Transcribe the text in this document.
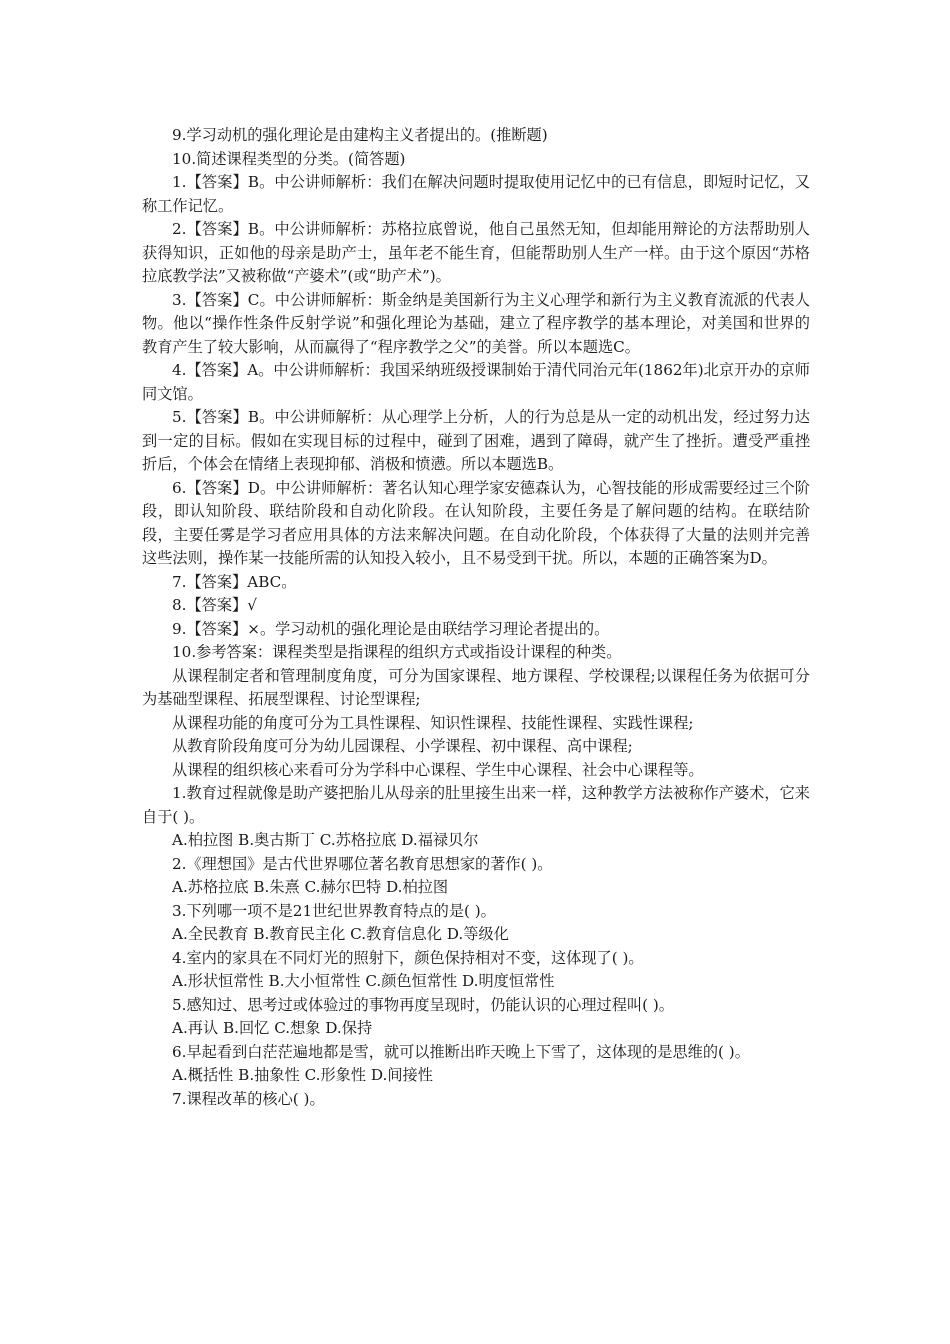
9.学习动机的强化理论是由建构主义者提出的。(推断题)

10.简述课程类型的分类。(简答题)

1.【答案】B。中公讲师解析：我们在解决问题时提取使用记忆中的已有信息，即短时记忆，又称工作记忆。

2.【答案】B。中公讲师解析：苏格拉底曾说，他自己虽然无知，但却能用辩论的方法帮助别人获得知识，正如他的母亲是助产士，虽年老不能生育，但能帮助别人生产一样。由于这个原因“苏格拉底教学法”又被称做“产婆术”(或“助产术”)。

3.【答案】C。中公讲师解析：斯金纳是美国新行为主义心理学和新行为主义教育流派的代表人物。他以“操作性条件反射学说”和强化理论为基础，建立了程序教学的基本理论，对美国和世界的教育产生了较大影响，从而赢得了“程序教学之父”的美誉。所以本题选C。

4.【答案】A。中公讲师解析：我国采纳班级授课制始于清代同治元年(1862年)北京开办的京师同文馆。

5.【答案】B。中公讲师解析：从心理学上分析，人的行为总是从一定的动机出发，经过努力达到一定的目标。假如在实现目标的过程中，碰到了困难，遇到了障碍，就产生了挫折。遭受严重挫折后，个体会在情绪上表现抑郁、消极和愤懑。所以本题选B。

6.【答案】D。中公讲师解析：著名认知心理学家安德森认为，心智技能的形成需要经过三个阶段，即认知阶段、联结阶段和自动化阶段。在认知阶段，主要任务是了解问题的结构。在联结阶段，主要任雾是学习者应用具体的方法来解决问题。在自动化阶段，个体获得了大量的法则并完善这些法则，操作某一技能所需的认知投入较小，且不易受到干扰。所以，本题的正确答案为D。

7.【答案】ABC。

8.【答案】√

9.【答案】×。学习动机的强化理论是由联结学习理论者提出的。

10.参考答案：课程类型是指课程的组织方式或指设计课程的种类。

从课程制定者和管理制度角度，可分为国家课程、地方课程、学校课程;以课程任务为依据可分为基础型课程、拓展型课程、讨论型课程;

从课程功能的角度可分为工具性课程、知识性课程、技能性课程、实践性课程;

从教育阶段角度可分为幼儿园课程、小学课程、初中课程、高中课程;

从课程的组织核心来看可分为学科中心课程、学生中心课程、社会中心课程等。

1.教育过程就像是助产婆把胎儿从母亲的肚里接生出来一样，这种教学方法被称作产婆术，它来自于( )。

A.柏拉图 B.奥古斯丁 C.苏格拉底 D.福禄贝尔

2.《理想国》是古代世界哪位著名教育思想家的著作( )。

A.苏格拉底 B.朱熹 C.赫尔巴特 D.柏拉图

3.下列哪一项不是21世纪世界教育特点的是( )。

A.全民教育 B.教育民主化 C.教育信息化 D.等级化

4.室内的家具在不同灯光的照射下，颜色保持相对不变，这体现了( )。

A.形状恒常性 B.大小恒常性 C.颜色恒常性 D.明度恒常性

5.感知过、思考过或体验过的事物再度呈现时，仍能认识的心理过程叫( )。

A.再认 B.回忆 C.想象 D.保持

6.早起看到白茫茫遍地都是雪，就可以推断出昨天晚上下雪了，这体现的是思维的( )。

A.概括性 B.抽象性 C.形象性 D.间接性

7.课程改革的核心( )。
